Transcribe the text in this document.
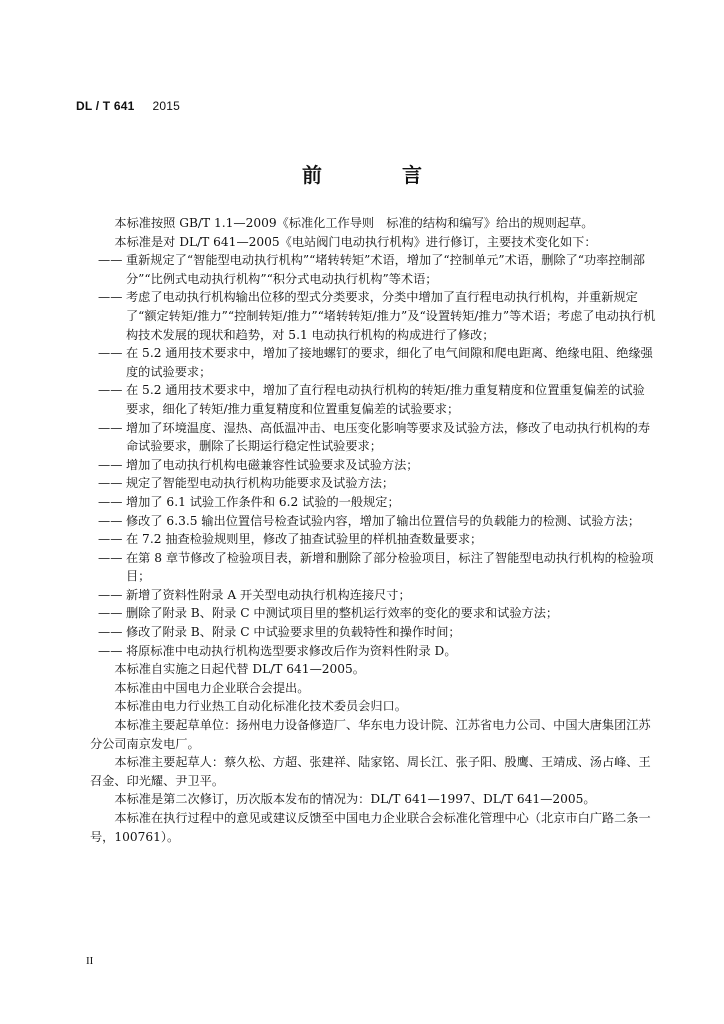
DL / T 641 2015
前　言

本标准按照 GB/T 1.1—2009《标准化工作导则　标准的结构和编写》给出的规则起草。

本标准是对 DL/T 641—2005《电站阀门电动执行机构》进行修订，主要技术变化如下：

—— 重新规定了“智能型电动执行机构”“堵转转矩”术语，增加了“控制单元”术语，删除了“功率控制部分”“比例式电动执行机构”“积分式电动执行机构”等术语；

—— 考虑了电动执行机构输出位移的型式分类要求，分类中增加了直行程电动执行机构，并重新规定了“额定转矩/推力”“控制转矩/推力”“堵转转矩/推力”及“设置转矩/推力”等术语；考虑了电动执行机构技术发展的现状和趋势，对 5.1 电动执行机构的构成进行了修改；

—— 在 5.2 通用技术要求中，增加了接地螺钉的要求，细化了电气间隙和爬电距离、绝缘电阻、绝缘强度的试验要求；

—— 在 5.2 通用技术要求中，增加了直行程电动执行机构的转矩/推力重复精度和位置重复偏差的试验要求，细化了转矩/推力重复精度和位置重复偏差的试验要求；

—— 增加了环境温度、湿热、高低温冲击、电压变化影响等要求及试验方法，修改了电动执行机构的寿命试验要求，删除了长期运行稳定性试验要求；

—— 增加了电动执行机构电磁兼容性试验要求及试验方法；

—— 规定了智能型电动执行机构功能要求及试验方法；

—— 增加了 6.1 试验工作条件和 6.2 试验的一般规定；

—— 修改了 6.3.5 输出位置信号检查试验内容，增加了输出位置信号的负载能力的检测、试验方法；

—— 在 7.2 抽查检验规则里，修改了抽查试验里的样机抽查数量要求；

—— 在第 8 章节修改了检验项目表，新增和删除了部分检验项目，标注了智能型电动执行机构的检验项目；

—— 新增了资料性附录 A 开关型电动执行机构连接尺寸；

—— 删除了附录 B、附录 C 中测试项目里的整机运行效率的变化的要求和试验方法；

—— 修改了附录 B、附录 C 中试验要求里的负载特性和操作时间；

—— 将原标准中电动执行机构选型要求修改后作为资料性附录 D。

本标准自实施之日起代替 DL/T 641—2005。

本标准由中国电力企业联合会提出。

本标准由电力行业热工自动化标准化技术委员会归口。

本标准主要起草单位：扬州电力设备修造厂、华东电力设计院、江苏省电力公司、中国大唐集团江苏分公司南京发电厂。

本标准主要起草人：蔡久松、方超、张建祥、陆家铭、周长江、张子阳、殷鹰、王靖成、汤占峰、王召金、印光耀、尹卫平。

本标准是第二次修订，历次版本发布的情况为：DL/T 641—1997、DL/T 641—2005。

本标准在执行过程中的意见或建议反馈至中国电力企业联合会标准化管理中心（北京市白广路二条一号，100761）。

II
